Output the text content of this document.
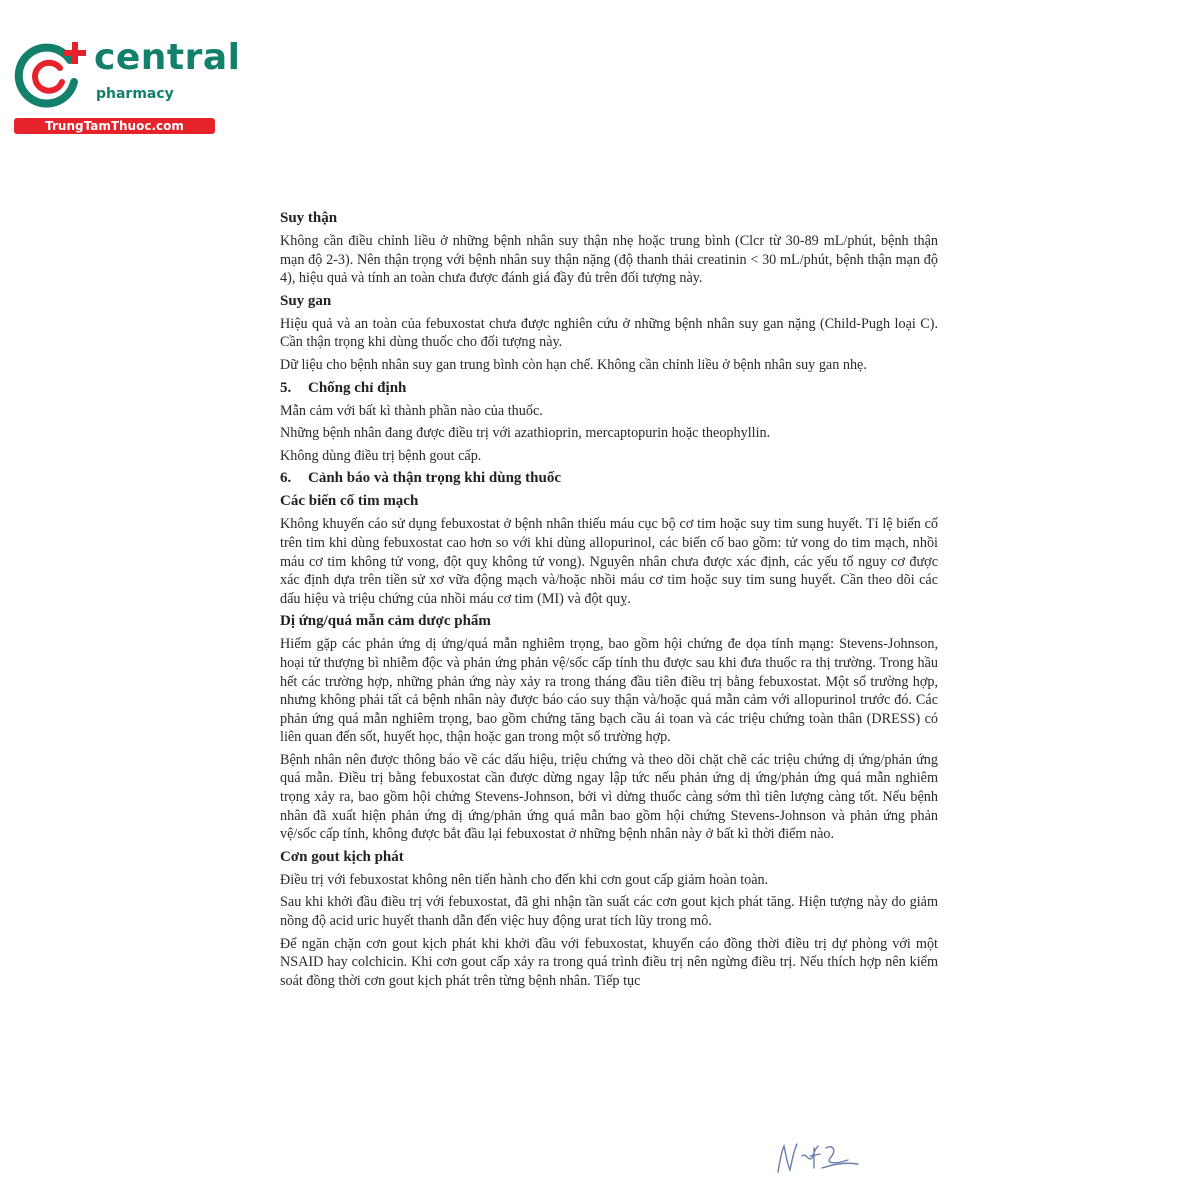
central
pharmacy
TrungTamThuoc.com
Suy thận

Không cần điều chỉnh liều ở những bệnh nhân suy thận nhẹ hoặc trung bình (Clcr từ 30-89 mL/phút, bệnh thận mạn độ 2-3). Nên thận trọng với bệnh nhân suy thận nặng (độ thanh thải creatinin < 30 mL/phút, bệnh thận mạn độ 4), hiệu quả và tính an toàn chưa được đánh giá đầy đủ trên đối tượng này.

Suy gan

Hiệu quả và an toàn của febuxostat chưa được nghiên cứu ở những bệnh nhân suy gan nặng (Child-Pugh loại C). Cần thận trọng khi dùng thuốc cho đối tượng này.

Dữ liệu cho bệnh nhân suy gan trung bình còn hạn chế. Không cần chỉnh liều ở bệnh nhân suy gan nhẹ.

5. Chống chỉ định

Mẫn cảm với bất kì thành phần nào của thuốc.

Những bệnh nhân đang được điều trị với azathioprin, mercaptopurin hoặc theophyllin.

Không dùng điều trị bệnh gout cấp.

6. Cảnh báo và thận trọng khi dùng thuốc
Các biến cố tim mạch

Không khuyến cáo sử dụng febuxostat ở bệnh nhân thiếu máu cục bộ cơ tim hoặc suy tim sung huyết. Tỉ lệ biến cố trên tim khi dùng febuxostat cao hơn so với khi dùng allopurinol, các biến cố bao gồm: tử vong do tim mạch, nhồi máu cơ tim không tử vong, đột quỵ không tử vong). Nguyên nhân chưa được xác định, các yếu tố nguy cơ được xác định dựa trên tiền sử xơ vữa động mạch và/hoặc nhồi máu cơ tim hoặc suy tim sung huyết. Cần theo dõi các dấu hiệu và triệu chứng của nhồi máu cơ tim (MI) và đột quỵ.

Dị ứng/quá mẫn cảm dược phẩm

Hiếm gặp các phản ứng dị ứng/quá mẫn nghiêm trọng, bao gồm hội chứng đe dọa tính mạng: Stevens-Johnson, hoại tử thượng bì nhiễm độc và phản ứng phản vệ/sốc cấp tính thu được sau khi đưa thuốc ra thị trường. Trong hầu hết các trường hợp, những phản ứng này xảy ra trong tháng đầu tiên điều trị bằng febuxostat. Một số trường hợp, nhưng không phải tất cả bệnh nhân này được báo cáo suy thận và/hoặc quá mẫn cảm với allopurinol trước đó. Các phản ứng quá mẫn nghiêm trọng, bao gồm chứng tăng bạch cầu ái toan và các triệu chứng toàn thân (DRESS) có liên quan đến sốt, huyết học, thận hoặc gan trong một số trường hợp.

Bệnh nhân nên được thông báo về các dấu hiệu, triệu chứng và theo dõi chặt chẽ các triệu chứng dị ứng/phản ứng quá mẫn. Điều trị bằng febuxostat cần được dừng ngay lập tức nếu phản ứng dị ứng/phản ứng quá mẫn nghiêm trọng xảy ra, bao gồm hội chứng Stevens-Johnson, bởi vì dừng thuốc càng sớm thì tiên lượng càng tốt. Nếu bệnh nhân đã xuất hiện phản ứng dị ứng/phản ứng quá mẫn bao gồm hội chứng Stevens-Johnson và phản ứng phản vệ/sốc cấp tính, không được bắt đầu lại febuxostat ở những bệnh nhân này ở bất kì thời điểm nào.

Cơn gout kịch phát

Điều trị với febuxostat không nên tiến hành cho đến khi cơn gout cấp giảm hoàn toàn.

Sau khi khởi đầu điều trị với febuxostat, đã ghi nhận tần suất các cơn gout kịch phát tăng. Hiện tượng này do giảm nồng độ acid uric huyết thanh dẫn đến việc huy động urat tích lũy trong mô.

Để ngăn chặn cơn gout kịch phát khi khởi đầu với febuxostat, khuyến cáo đồng thời điều trị dự phòng với một NSAID hay colchicin. Khi cơn gout cấp xảy ra trong quá trình điều trị nên ngừng điều trị. Nếu thích hợp nên kiểm soát đồng thời cơn gout kịch phát trên từng bệnh nhân. Tiếp tục
